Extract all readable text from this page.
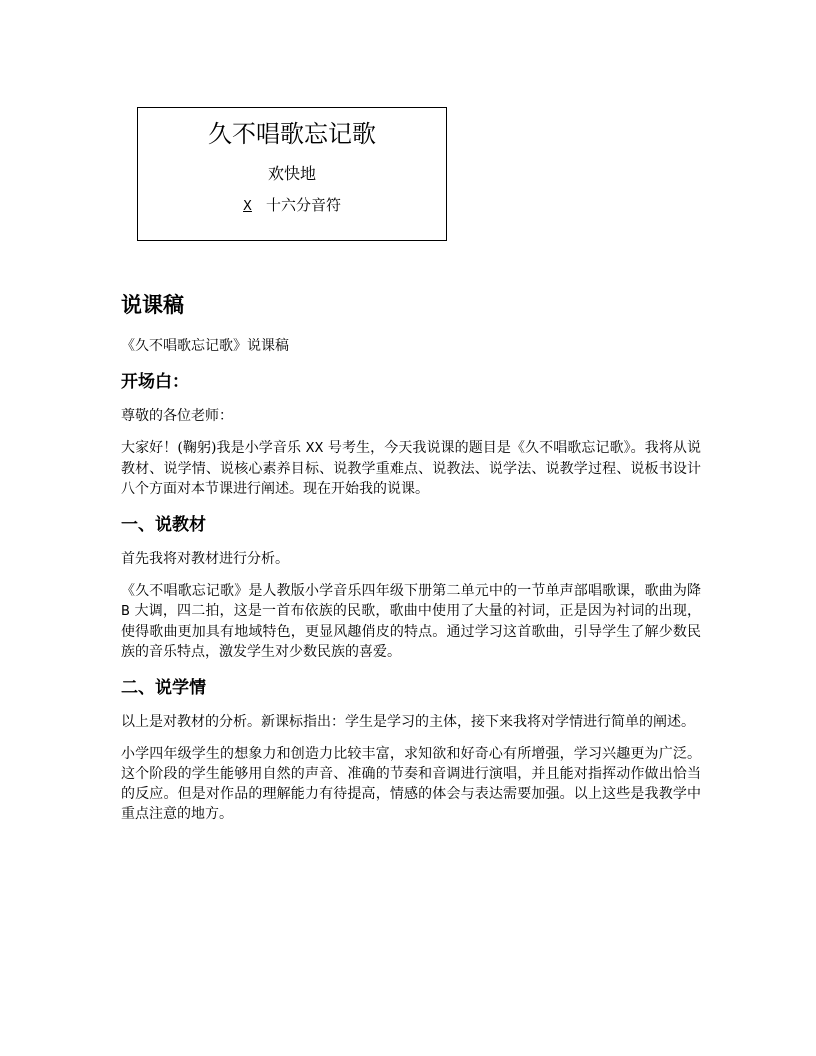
久不唱歌忘记歌
欢快地
X 十六分音符
说课稿

《久不唱歌忘记歌》说课稿

开场白：

尊敬的各位老师：

大家好！(鞠躬)我是小学音乐 XX 号考生，今天我说课的题目是《久不唱歌忘记歌》。我将从说教材、说学情、说核心素养目标、说教学重难点、说教法、说学法、说教学过程、说板书设计八个方面对本节课进行阐述。现在开始我的说课。

一、说教材

首先我将对教材进行分析。

《久不唱歌忘记歌》是人教版小学音乐四年级下册第二单元中的一节单声部唱歌课，歌曲为降 B 大调，四二拍，这是一首布依族的民歌，歌曲中使用了大量的衬词，正是因为衬词的出现，使得歌曲更加具有地域特色，更显风趣俏皮的特点。通过学习这首歌曲，引导学生了解少数民族的音乐特点，激发学生对少数民族的喜爱。

二、说学情

以上是对教材的分析。新课标指出：学生是学习的主体，接下来我将对学情进行简单的阐述。

小学四年级学生的想象力和创造力比较丰富，求知欲和好奇心有所增强，学习兴趣更为广泛。这个阶段的学生能够用自然的声音、准确的节奏和音调进行演唱，并且能对指挥动作做出恰当的反应。但是对作品的理解能力有待提高，情感的体会与表达需要加强。以上这些是我教学中重点注意的地方。
